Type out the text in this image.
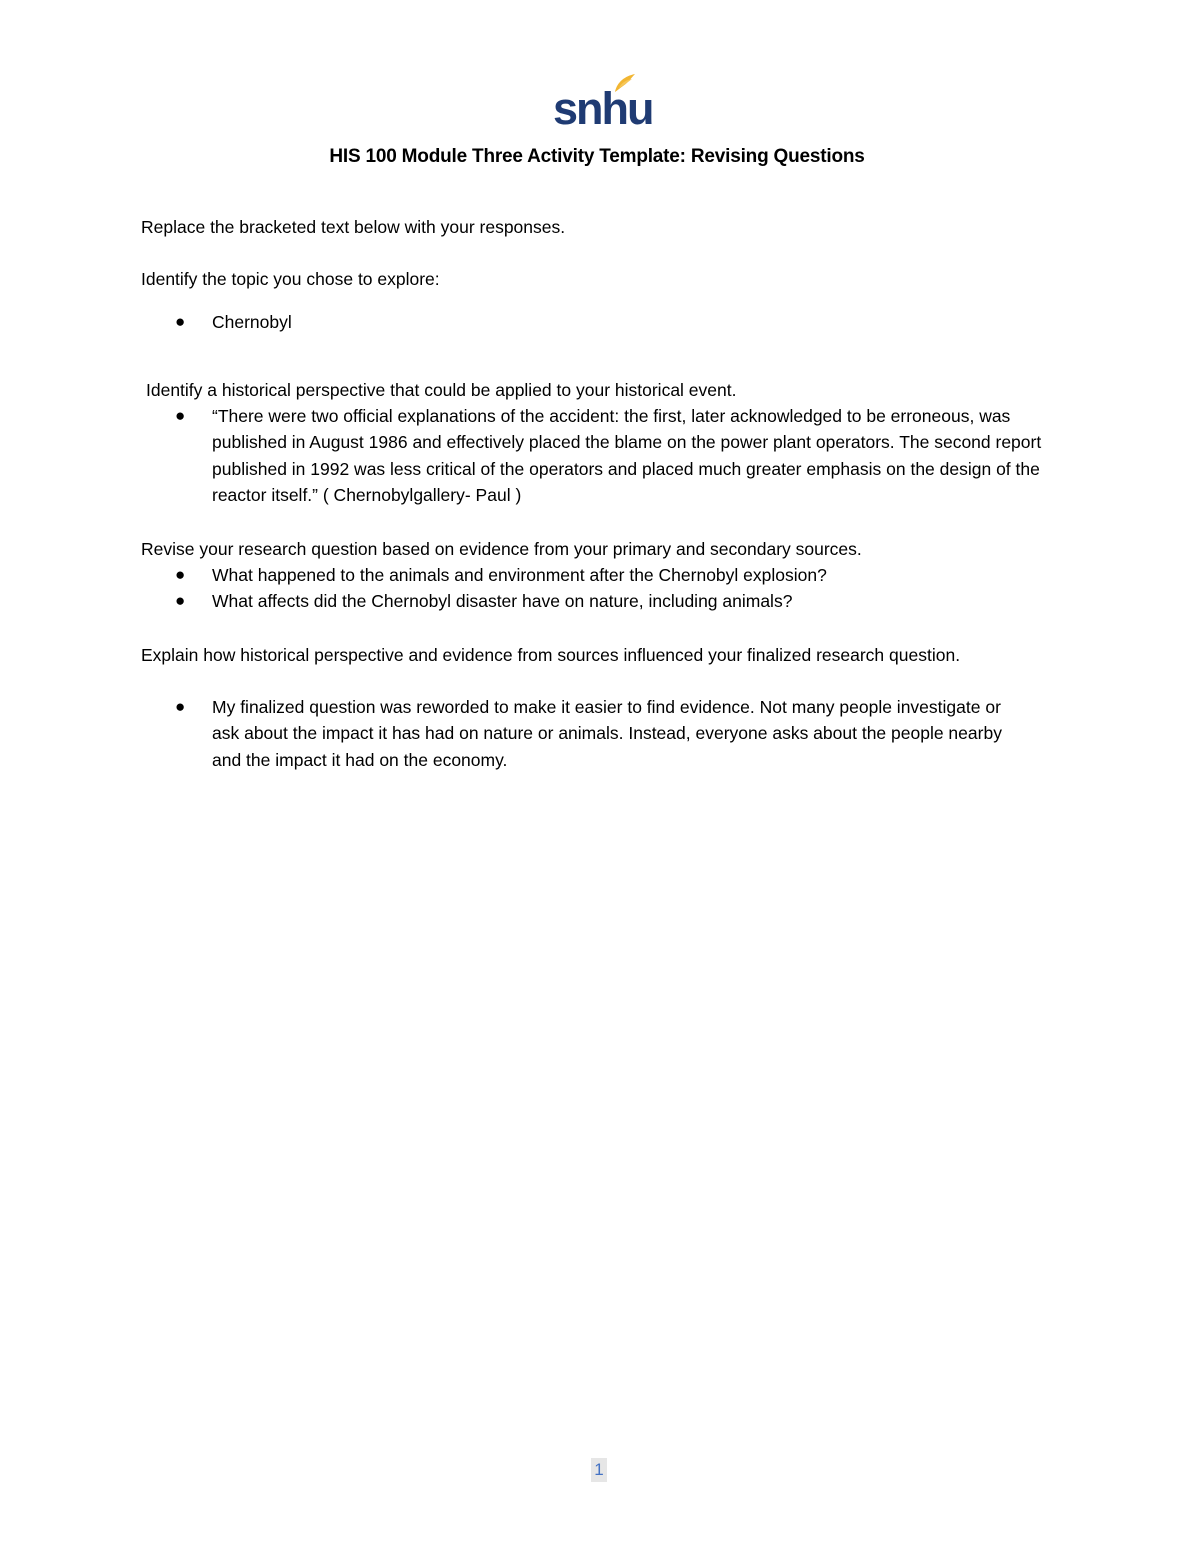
snhu
HIS 100 Module Three Activity Template: Revising Questions

Replace the bracketed text below with your responses.

Identify the topic you chose to explore:

● Chernobyl

Identify a historical perspective that could be applied to your historical event.

● “There were two official explanations of the accident: the first, later acknowledged to be erroneous, was published in August 1986 and effectively placed the blame on the power plant operators. The second report published in 1992 was less critical of the operators and placed much greater emphasis on the design of the reactor itself.” ( Chernobylgallery- Paul )

Revise your research question based on evidence from your primary and secondary sources.

● What happened to the animals and environment after the Chernobyl explosion?
● What affects did the Chernobyl disaster have on nature, including animals?

Explain how historical perspective and evidence from sources influenced your finalized research question.

● My finalized question was reworded to make it easier to find evidence. Not many people investigate or ask about the impact it has had on nature or animals. Instead, everyone asks about the people nearby and the impact it had on the economy.
1
